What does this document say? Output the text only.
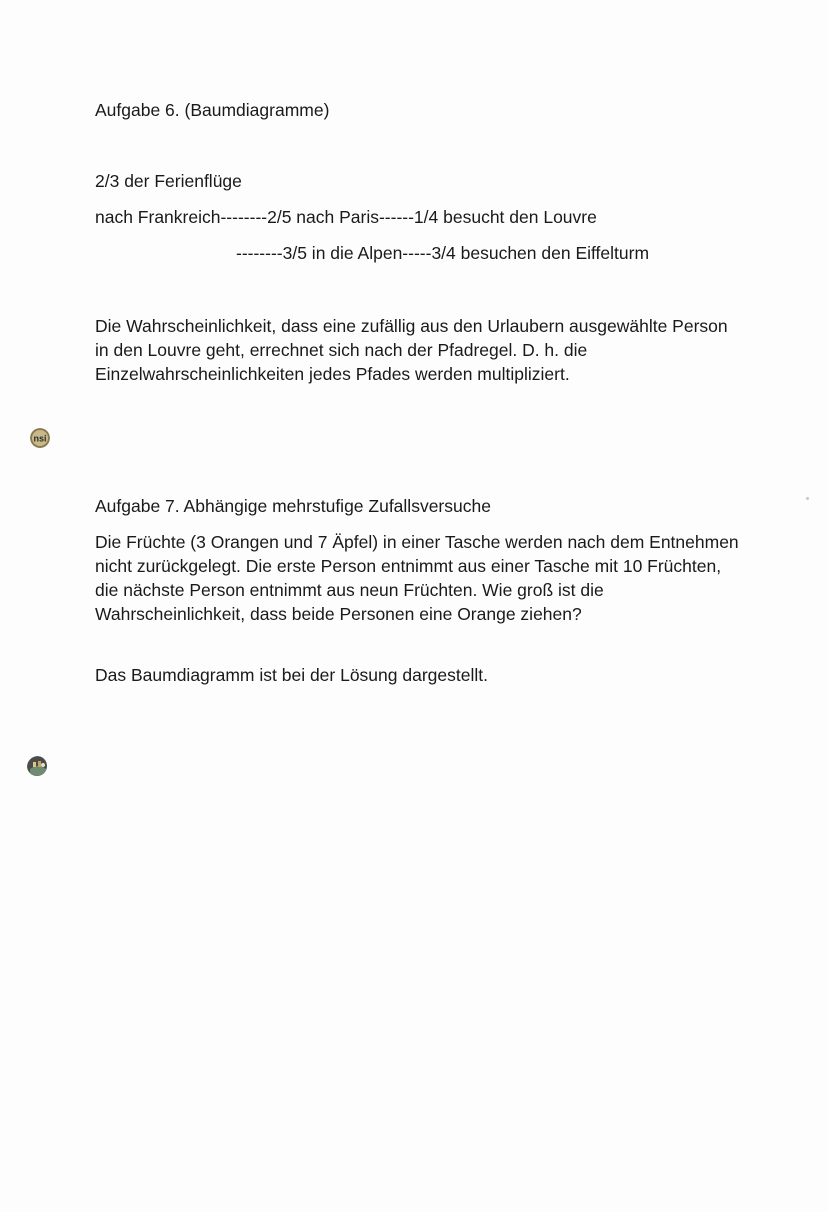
Aufgabe 6. (Baumdiagramme)
2/3 der Ferienflüge
nach Frankreich--------2/5 nach Paris------1/4 besucht den Louvre
--------3/5 in die Alpen-----3/4 besuchen den Eiffelturm
Die Wahrscheinlichkeit, dass eine zufällig aus den Urlaubern ausgewählte Person in den Louvre geht, errechnet sich nach der Pfadregel. D. h. die Einzelwahrscheinlichkeiten jedes Pfades werden multipliziert.
Aufgabe 7. Abhängige mehrstufige Zufallsversuche
Die Früchte (3 Orangen und 7 Äpfel) in einer Tasche werden nach dem Entnehmen nicht zurückgelegt. Die erste Person entnimmt aus einer Tasche mit 10 Früchten, die nächste Person entnimmt aus neun Früchten. Wie groß ist die Wahrscheinlichkeit, dass beide Personen eine Orange ziehen?
Das Baumdiagramm ist bei der Lösung dargestellt.
nsi
